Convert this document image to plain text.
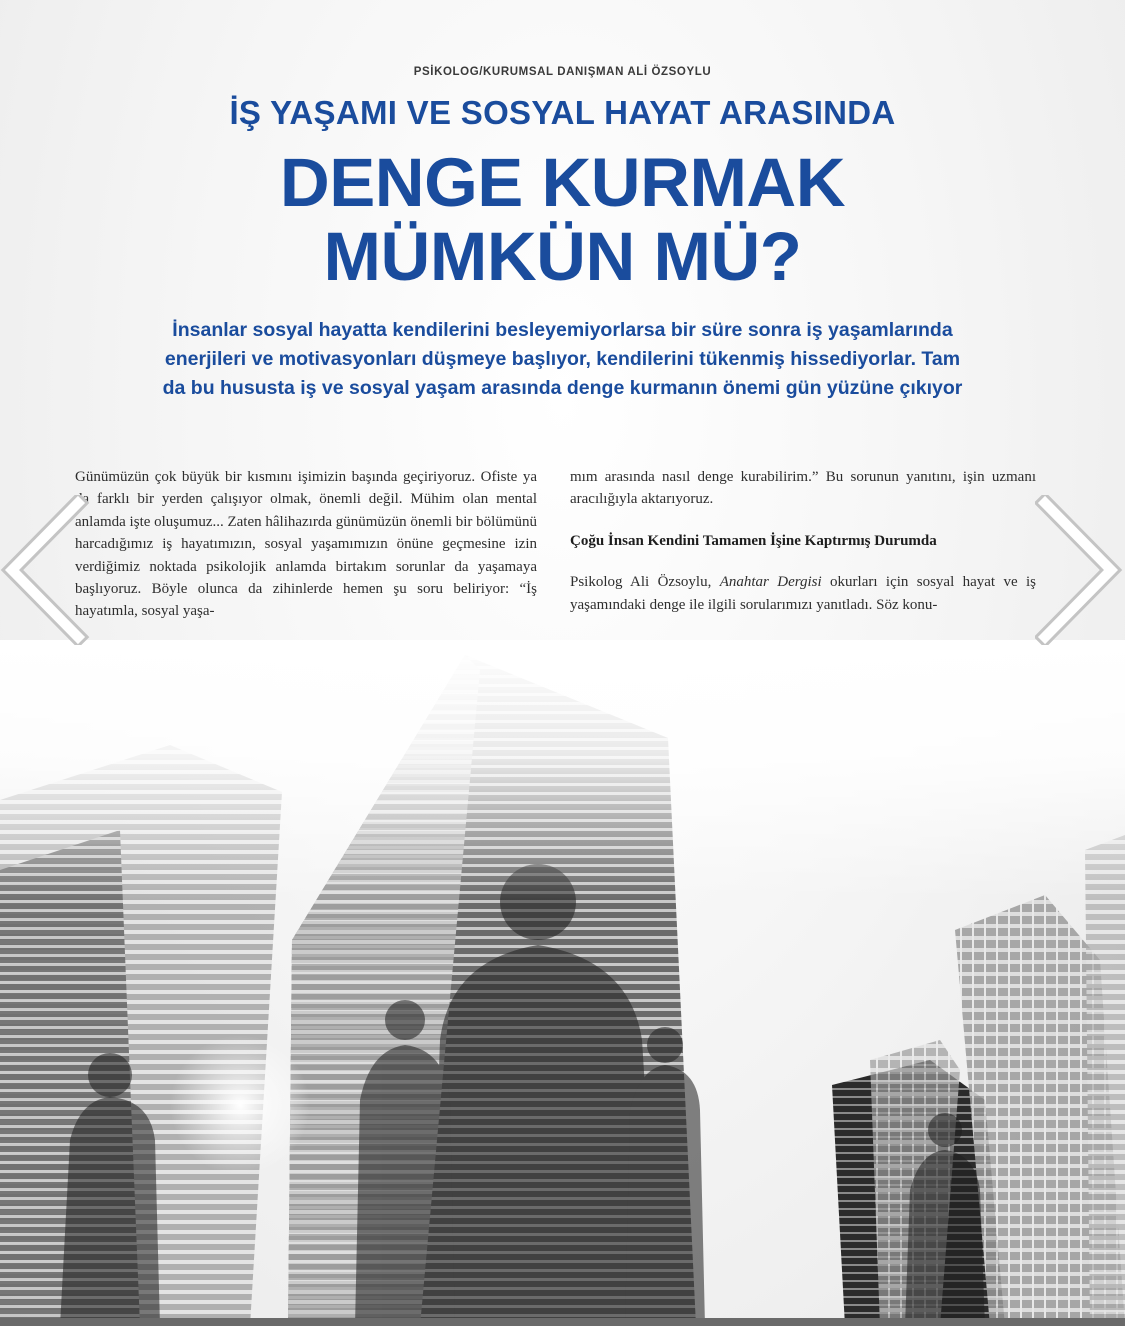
PSİKOLOG/KURUMSAL DANIŞMAN ALİ ÖZSOYLU
İŞ YAŞAMI VE SOSYAL HAYAT ARASINDA
DENGE KURMAK
MÜMKÜN MÜ?
İnsanlar sosyal hayatta kendilerini besleyemiyorlarsa bir süre sonra iş yaşamlarında enerjileri ve motivasyonları düşmeye başlıyor, kendilerini tükenmiş hissediyorlar. Tam da bu hususta iş ve sosyal yaşam arasında denge kurmanın önemi gün yüzüne çıkıyor

Günümüzün çok büyük bir kısmını işimizin başında geçiriyoruz. Ofiste ya da farklı bir yerden çalışıyor olmak, önemli değil. Mühim olan mental anlamda işte oluşumuz... Zaten hâlihazırda günümüzün önemli bir bölümünü harcadığımız iş hayatımızın, sosyal yaşamımızın önüne geçmesine izin verdiğimiz noktada psikolojik anlamda birtakım sorunlar da yaşamaya başlıyoruz. Böyle olunca da zihinlerde hemen şu soru beliriyor: “İş hayatımla, sosyal yaşa-

mım arasında nasıl denge kurabilirim.” Bu sorunun yanıtını, işin uzmanı aracılığıyla aktarıyoruz.

Çoğu İnsan Kendini Tamamen İşine Kaptırmış Durumda

Psikolog Ali Özsoylu, Anahtar Dergisi okurları için sosyal hayat ve iş yaşamındaki denge ile ilgili sorularımızı yanıtladı. Söz konu-
